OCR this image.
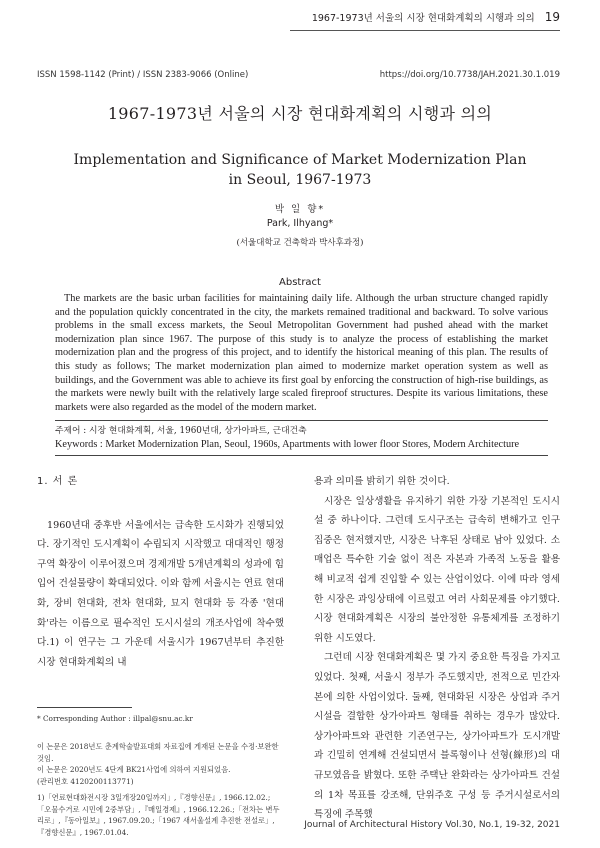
1967-1973년 서울의 시장 현대화계획의 시행과 의의 19
ISSN 1598-1142 (Print) / ISSN 2383-9066 (Online)	https://doi.org/10.7738/JAH.2021.30.1.019
1967-1973년 서울의 시장 현대화계획의 시행과 의의
Implementation and Significance of Market Modernization Plan
in Seoul, 1967-1973
박 일 향*
Park, Ilhyang*
(서울대학교 건축학과 박사후과정)
Abstract
The markets are the basic urban facilities for maintaining daily life. Although the urban structure changed rapidly and the population quickly concentrated in the city, the markets remained traditional and backward. To solve various problems in the small excess markets, the Seoul Metropolitan Government had pushed ahead with the market modernization plan since 1967. The purpose of this study is to analyze the process of establishing the market modernization plan and the progress of this project, and to identify the historical meaning of this plan. The results of this study as follows; The market modernization plan aimed to modernize market operation system as well as buildings, and the Government was able to achieve its first goal by enforcing the construction of high-rise buildings, as the markets were newly built with the relatively large scaled fireproof structures. Despite its various limitations, these markets were also regarded as the model of the modern market.
주제어 : 시장 현대화계획, 서울, 1960년대, 상가아파트, 근대건축
Keywords : Market Modernization Plan, Seoul, 1960s, Apartments with lower floor Stores, Modern Architecture
1. 서 론

1960년대 중후반 서울에서는 급속한 도시화가 진행되었다. 장기적인 도시계획이 수립되지 시작했고 대대적인 행정구역 확장이 이루어졌으며 경제개발 5개년계획의 성과에 힘입어 건설물량이 확대되었다. 이와 함께 서울시는 연료 현대화, 장비 현대화, 전차 현대화, 묘지 현대화 등 각종 '현대화'라는 이름으로 필수적인 도시시설의 개조사업에 착수했다.1) 이 연구는 그 가운데 서울시가 1967년부터 추진한 시장 현대화계획의 내

용과 의미를 밝히기 위한 것이다.

시장은 일상생활을 유지하기 위한 가장 기본적인 도시시설 중 하나이다. 그런데 도시구조는 급속히 변해가고 인구집중은 현저했지만, 시장은 낙후된 상태로 남아 있었다. 소매업은 특수한 기술 없이 적은 자본과 가족적 노동을 활용해 비교적 쉽게 진입할 수 있는 산업이었다. 이에 따라 영세한 시장은 과잉상태에 이르렀고 여러 사회문제를 야기했다. 시장 현대화계획은 시장의 불안정한 유통체계를 조정하기 위한 시도였다.

그런데 시장 현대화계획은 몇 가지 중요한 특징을 가지고 있었다. 첫째, 서울시 정부가 주도했지만, 전적으로 민간자본에 의한 사업이었다. 둘째, 현대화된 시장은 상업과 주거시설을 결합한 상가아파트 형태를 취하는 경우가 많았다. 상가아파트와 관련한 기존연구는, 상가아파트가 도시개발과 긴밀히 연계해 건설되면서 블록형이나 선형(線形)의 대규모였음을 밝혔다. 또한 주택난 완화라는 상가아파트 건설의 1차 목표를 강조해, 단위주호 구성 등 주거시설로서의 특징에 주목했

* Corresponding Author : illpal@snu.ac.kr
이 논문은 2018년도 춘계학술발표대회 자료집에 게재된 논문을 수정·보완한 것임.
이 논문은 2020년도 4단계 BK21사업에 의하여 지원되었음.
(관리번호 4120200113771)
1)「연료현대화전시장 3일개장20일까지」,『경향신문』, 1966.12.02.;「오물수거로 시민에 2중부담」,『매일경제』, 1966.12.26.;「전차는 변두리로」,『동아일보』, 1967.09.20.;「1967 새서울설계 추진한 전설로」,『경향신문』, 1967.01.04.
Journal of Architectural History Vol.30, No.1, 19-32, 2021
